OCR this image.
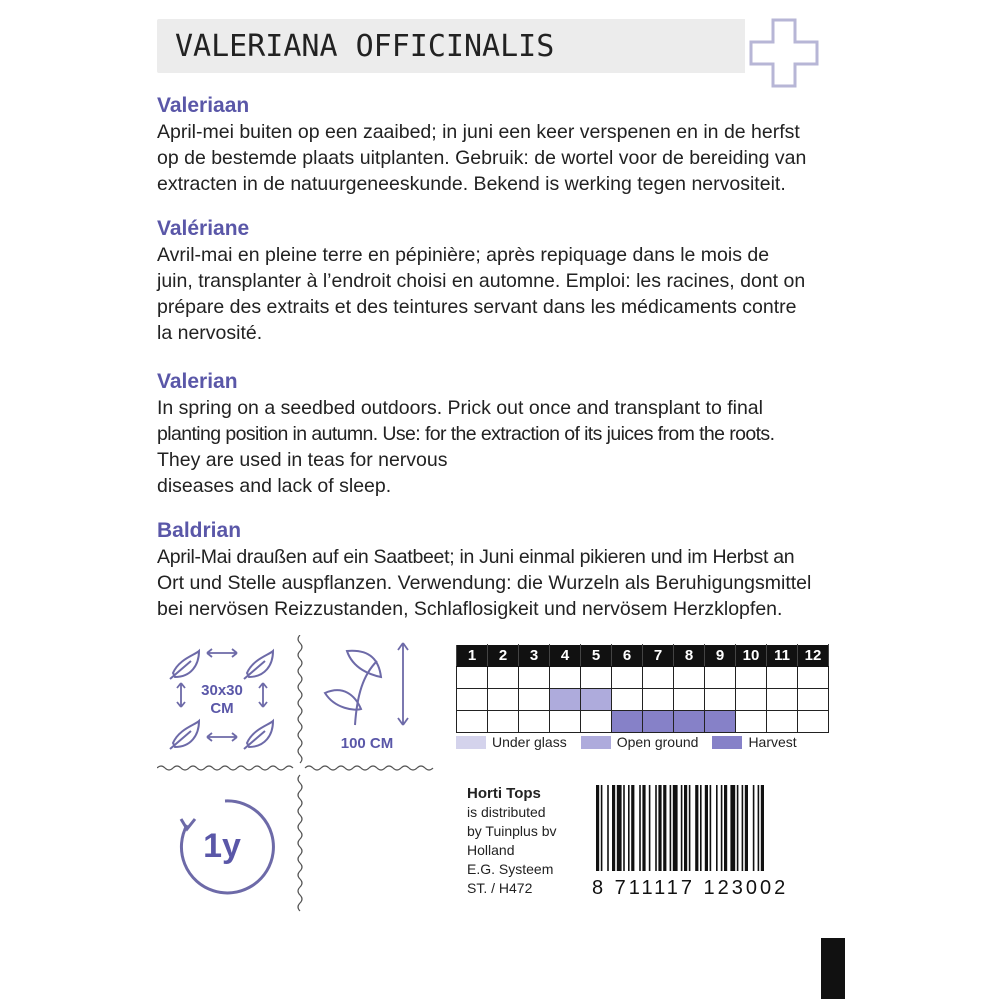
VALERIANA OFFICINALIS
Valeriaan
April-mei buiten op een zaaibed; in juni een keer verspenen en in de herfst
op de bestemde plaats uitplanten. Gebruik: de wortel voor de bereiding van
extracten in de natuurgeneeskunde. Bekend is werking tegen nervositeit.
Valériane
Avril-mai en pleine terre en pépinière; après repiquage dans le mois de
juin, transplanter à l’endroit choisi en automne. Emploi: les racines, dont on
prépare des extraits et des teintures servant dans les médicaments contre
la nervosité.
Valerian
In spring on a seedbed outdoors. Prick out once and transplant to final
planting position in autumn. Use: for the extraction of its juices from the roots.
They are used in teas for nervous
diseases and lack of sleep.
Baldrian
April-Mai draußen auf ein Saatbeet; in Juni einmal pikieren und im Herbst an
Ort und Stelle auspflanzen. Verwendung: die Wurzeln als Beruhigungsmittel
bei nervösen Reizzustanden, Schlaflosigkeit und nervösem Herzklopfen.
30x30
CM
100 CM
1y
1	2	3	4	5	6	7	8	9	10	11	12

Under glass	Open ground	Harvest
Horti Tops
is distributed
by Tuinplus bv
Holland
E.G. Systeem
ST. / H472	8 711117 123002
